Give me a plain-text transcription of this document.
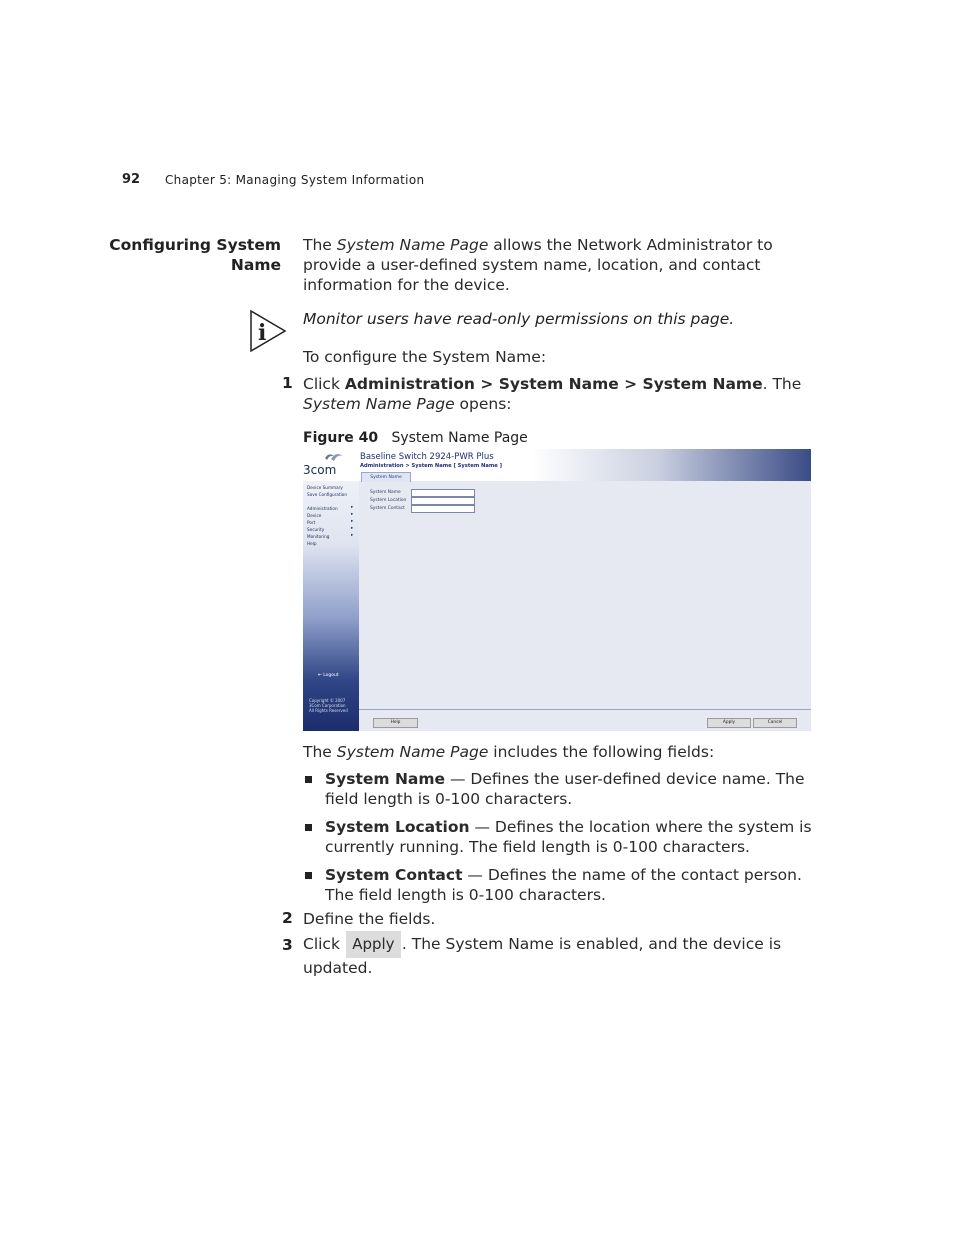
92 Chapter 5: Managing System Information
Configuring System
Name
The System Name Page allows the Network Administrator to provide a user-defined system name, location, and contact information for the device.
i
Monitor users have read-only permissions on this page.
To configure the System Name:
1 Click Administration > System Name > System Name. The System Name Page opens:
Figure 40 System Name Page
3com
Baseline Switch 2924-PWR Plus
Administration > System Name [ System Name ]
System Name
Device Summary
Save Configuration
Administration	▸
Device	▸
Port	▸
Security	▸
Monitoring	▸
Help
⇤ Logout
Copyright © 2007
3Com Corporation
All Rights Reserved
System Name
System Location
System Contact
Help	Apply	Cancel
The System Name Page includes the following fields:
System Name — Defines the user-defined device name. The field length is 0-100 characters.
System Location — Defines the location where the system is currently running. The field length is 0-100 characters.
System Contact — Defines the name of the contact person. The field length is 0-100 characters.
2 Define the fields.
3 Click Apply . The System Name is enabled, and the device is updated.
